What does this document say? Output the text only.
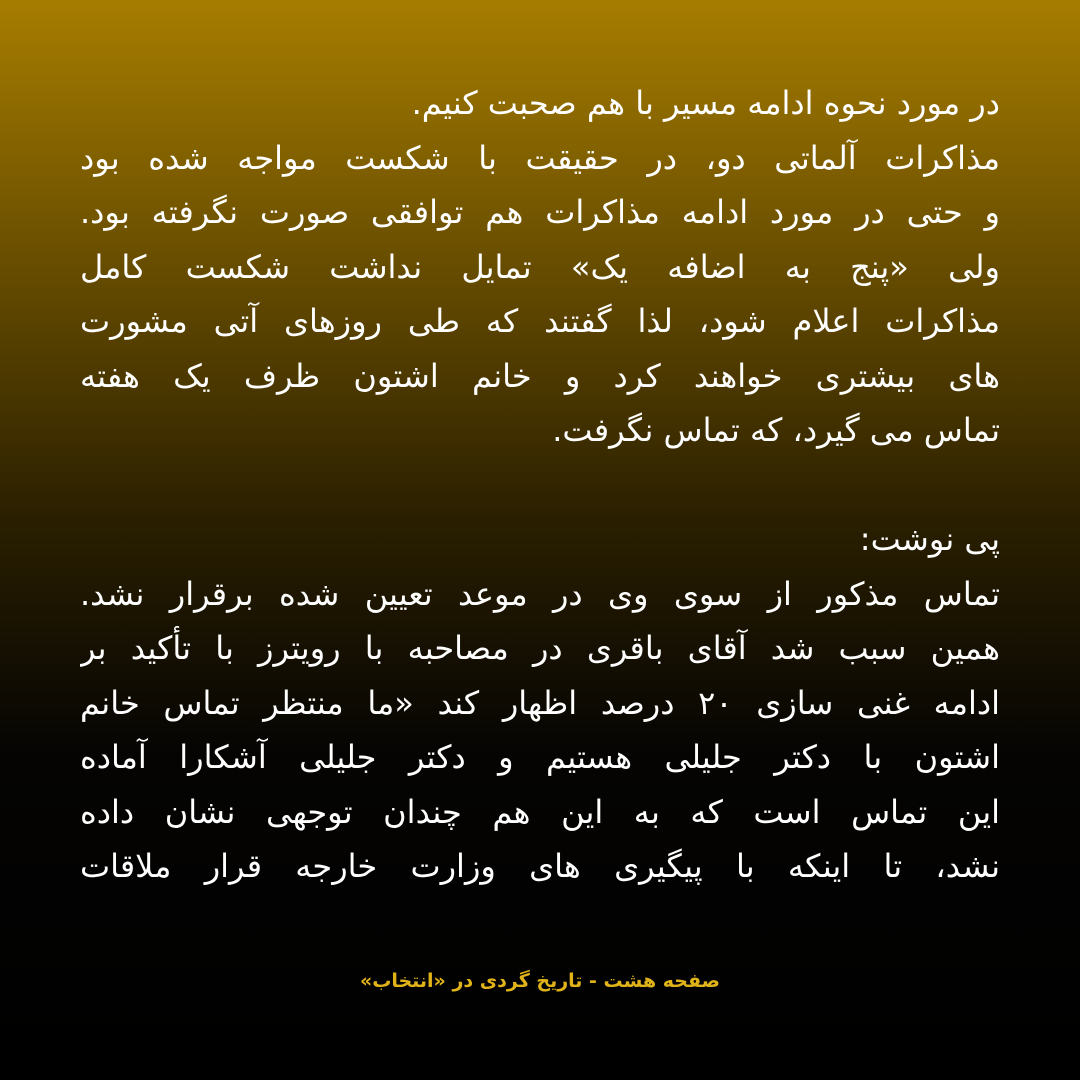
در مورد نحوه ادامه مسیر با هم صحبت کنیم.
مذاکرات آلماتی دو، در حقیقت با شکست مواجه شده بود
و حتی در مورد ادامه مذاکرات هم توافقی صورت نگرفته بود.
ولی «پنج به اضافه یک» تمایل نداشت شکست کامل
مذاکرات اعلام شود، لذا گفتند که طی روزهای آتی مشورت
های بیشتری خواهند کرد و خانم اشتون ظرف یک هفته
تماس می گیرد، که تماس نگرفت.
پی نوشت:
تماس مذکور از سوی وی در موعد تعیین شده برقرار نشد.
همین سبب شد آقای باقری در مصاحبه با رویترز با تأکید بر
ادامه غنی سازی ۲۰ درصد اظهار کند «ما منتظر تماس خانم
اشتون با دکتر جلیلی هستیم و دکتر جلیلی آشکارا آماده
این تماس است که به این هم چندان توجهی نشان داده
نشد، تا اینکه با پیگیری های وزارت خارجه قرار ملاقات
صفحه هشت - تاریخ گردی در «انتخاب»
